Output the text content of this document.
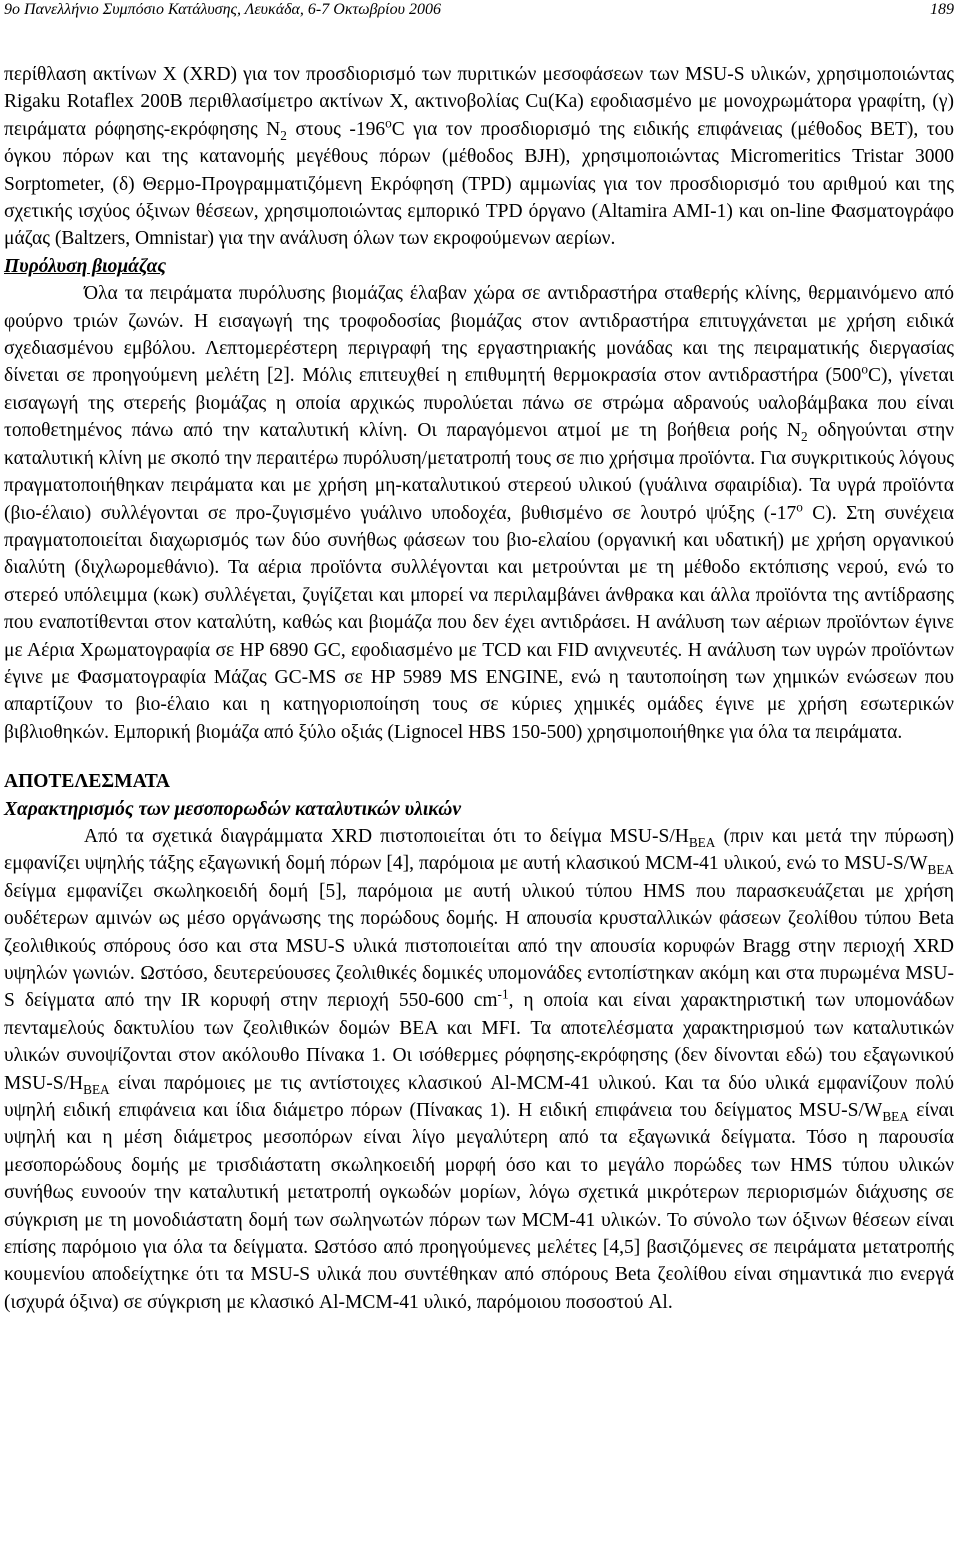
9o Πανελλήνιο Συμπόσιο Κατάλυσης, Λευκάδα, 6-7 Οκτωβρίου 2006	189

περίθλαση ακτίνων Χ (XRD) για τον προσδιορισμό των πυριτικών μεσοφάσεων των MSU-S υλικών, χρησιμοποιώντας Rigaku Rotaflex 200B περιθλασίμετρο ακτίνων Χ, ακτινοβολίας Cu(Ka) εφοδιασμένο με μονοχρωμάτορα γραφίτη, (γ) πειράματα ρόφησης-εκρόφησης $N_2$ στους -196$^o$C για τον προσδιορισμό της ειδικής επιφάνειας (μέθοδος BET), του όγκου πόρων και της κατανομής μεγέθους πόρων (μέθοδος BJH), χρησιμοποιώντας Micromeritics Tristar 3000 Sorptometer, (δ) Θερμο-Προγραμματιζόμενη Εκρόφηση (TPD) αμμωνίας για τον προσδιορισμό του αριθμού και της σχετικής ισχύος όξινων θέσεων, χρησιμοποιώντας εμπορικό TPD όργανο (Altamira AMI-1) και on-line Φασματογράφο μάζας (Baltzers, Omnistar) για την ανάλυση όλων των εκροφούμενων αερίων.

Πυρόλυση βιομάζας

Όλα τα πειράματα πυρόλυσης βιομάζας έλαβαν χώρα σε αντιδραστήρα σταθερής κλίνης, θερμαινόμενο από φούρνο τριών ζωνών. Η εισαγωγή της τροφοδοσίας βιομάζας στον αντιδραστήρα επιτυγχάνεται με χρήση ειδικά σχεδιασμένου εμβόλου. Λεπτομερέστερη περιγραφή της εργαστηριακής μονάδας και της πειραματικής διεργασίας δίνεται σε προηγούμενη μελέτη [2]. Μόλις επιτευχθεί η επιθυμητή θερμοκρασία στον αντιδραστήρα (500$^o$C), γίνεται εισαγωγή της στερεής βιομάζας η οποία αρχικώς πυρολύεται πάνω σε στρώμα αδρανούς υαλοβάμβακα που είναι τοποθετημένος πάνω από την καταλυτική κλίνη. Οι παραγόμενοι ατμοί με τη βοήθεια ροής $N_2$ οδηγούνται στην καταλυτική κλίνη με σκοπό την περαιτέρω πυρόλυση/μετατροπή τους σε πιο χρήσιμα προϊόντα. Για συγκριτικούς λόγους πραγματοποιήθηκαν πειράματα και με χρήση μη-καταλυτικού στερεού υλικού (γυάλινα σφαιρίδια). Τα υγρά προϊόντα (βιο-έλαιο) συλλέγονται σε προ-ζυγισμένο γυάλινο υποδοχέα, βυθισμένο σε λουτρό ψύξης (-17$^o$ C). Στη συνέχεια πραγματοποιείται διαχωρισμός των δύο συνήθως φάσεων του βιο-ελαίου (οργανική και υδατική) με χρήση οργανικού διαλύτη (διχλωρομεθάνιο). Τα αέρια προϊόντα συλλέγονται και μετρούνται με τη μέθοδο εκτόπισης νερού, ενώ το στερεό υπόλειμμα (κωκ) συλλέγεται, ζυγίζεται και μπορεί να περιλαμβάνει άνθρακα και άλλα προϊόντα της αντίδρασης που εναποτίθενται στον καταλύτη, καθώς και βιομάζα που δεν έχει αντιδράσει. Η ανάλυση των αέριων προϊόντων έγινε με Αέρια Χρωματογραφία σε HP 6890 GC, εφοδιασμένο με TCD και FID ανιχνευτές. Η ανάλυση των υγρών προϊόντων έγινε με Φασματογραφία Μάζας GC-MS σε HP 5989 MS ENGINE, ενώ η ταυτοποίηση των χημικών ενώσεων που απαρτίζουν το βιο-έλαιο και η κατηγοριοποίηση τους σε κύριες χημικές ομάδες έγινε με χρήση εσωτερικών βιβλιοθηκών. Εμπορική βιομάζα από ξύλο οξιάς (Lignocel HBS 150-500) χρησιμοποιήθηκε για όλα τα πειράματα.

ΑΠΟΤΕΛΕΣΜΑΤΑ

Χαρακτηρισμός των μεσοπορωδών καταλυτικών υλικών

Από τα σχετικά διαγράμματα XRD πιστοποιείται ότι το δείγμα MSU-$S/H_{BEA}$ (πριν και μετά την πύρωση) εμφανίζει υψηλής τάξης εξαγωνική δομή πόρων [4], παρόμοια με αυτή κλασικού MCM-41 υλικού, ενώ το MSU-$S/W_{BEA}$ δείγμα εμφανίζει σκωληκοειδή δομή [5], παρόμοια με αυτή υλικού τύπου HMS που παρασκευάζεται με χρήση ουδέτερων αμινών ως μέσο οργάνωσης της πορώδους δομής. Η απουσία κρυσταλλικών φάσεων ζεολίθου τύπου Beta ζεολιθικούς σπόρους όσο και στα MSU-S υλικά πιστοποιείται από την απουσία κορυφών Bragg στην περιοχή XRD υψηλών γωνιών. Ωστόσο, δευτερεύουσες ζεολιθικές δομικές υπομονάδες εντοπίστηκαν ακόμη και στα πυρωμένα MSU-S δείγματα από την IR κορυφή στην περιοχή 550-600 $cm^{-1}$, η οποία και είναι χαρακτηριστική των υπομονάδων πενταμελούς δακτυλίου των ζεολιθικών δομών BEA και MFI. Τα αποτελέσματα χαρακτηρισμού των καταλυτικών υλικών συνοψίζονται στον ακόλουθο Πίνακα 1. Οι ισόθερμες ρόφησης-εκρόφησης (δεν δίνονται εδώ) του εξαγωνικού MSU-$S/H_{BEA}$ είναι παρόμοιες με τις αντίστοιχες κλασικού Al-MCM-41 υλικού. Και τα δύο υλικά εμφανίζουν πολύ υψηλή ειδική επιφάνεια και ίδια διάμετρο πόρων (Πίνακας 1). Η ειδική επιφάνεια του δείγματος MSU-$S/W_{BEA}$ είναι υψηλή και η μέση διάμετρος μεσοπόρων είναι λίγο μεγαλύτερη από τα εξαγωνικά δείγματα. Τόσο η παρουσία μεσοπορώδους δομής με τρισδιάστατη σκωληκοειδή μορφή όσο και το μεγάλο πορώδες των HMS τύπου υλικών συνήθως ευνοούν την καταλυτική μετατροπή ογκωδών μορίων, λόγω σχετικά μικρότερων περιορισμών διάχυσης σε σύγκριση με τη μονοδιάστατη δομή των σωληνωτών πόρων των MCM-41 υλικών. Το σύνολο των όξινων θέσεων είναι επίσης παρόμοιο για όλα τα δείγματα. Ωστόσο από προηγούμενες μελέτες [4,5] βασιζόμενες σε πειράματα μετατροπής κουμενίου αποδείχτηκε ότι τα MSU-S υλικά που συντέθηκαν από σπόρους Beta ζεολίθου είναι σημαντικά πιο ενεργά (ισχυρά όξινα) σε σύγκριση με κλασικό Al-MCM-41 υλικό, παρόμοιου ποσοστού Al.
